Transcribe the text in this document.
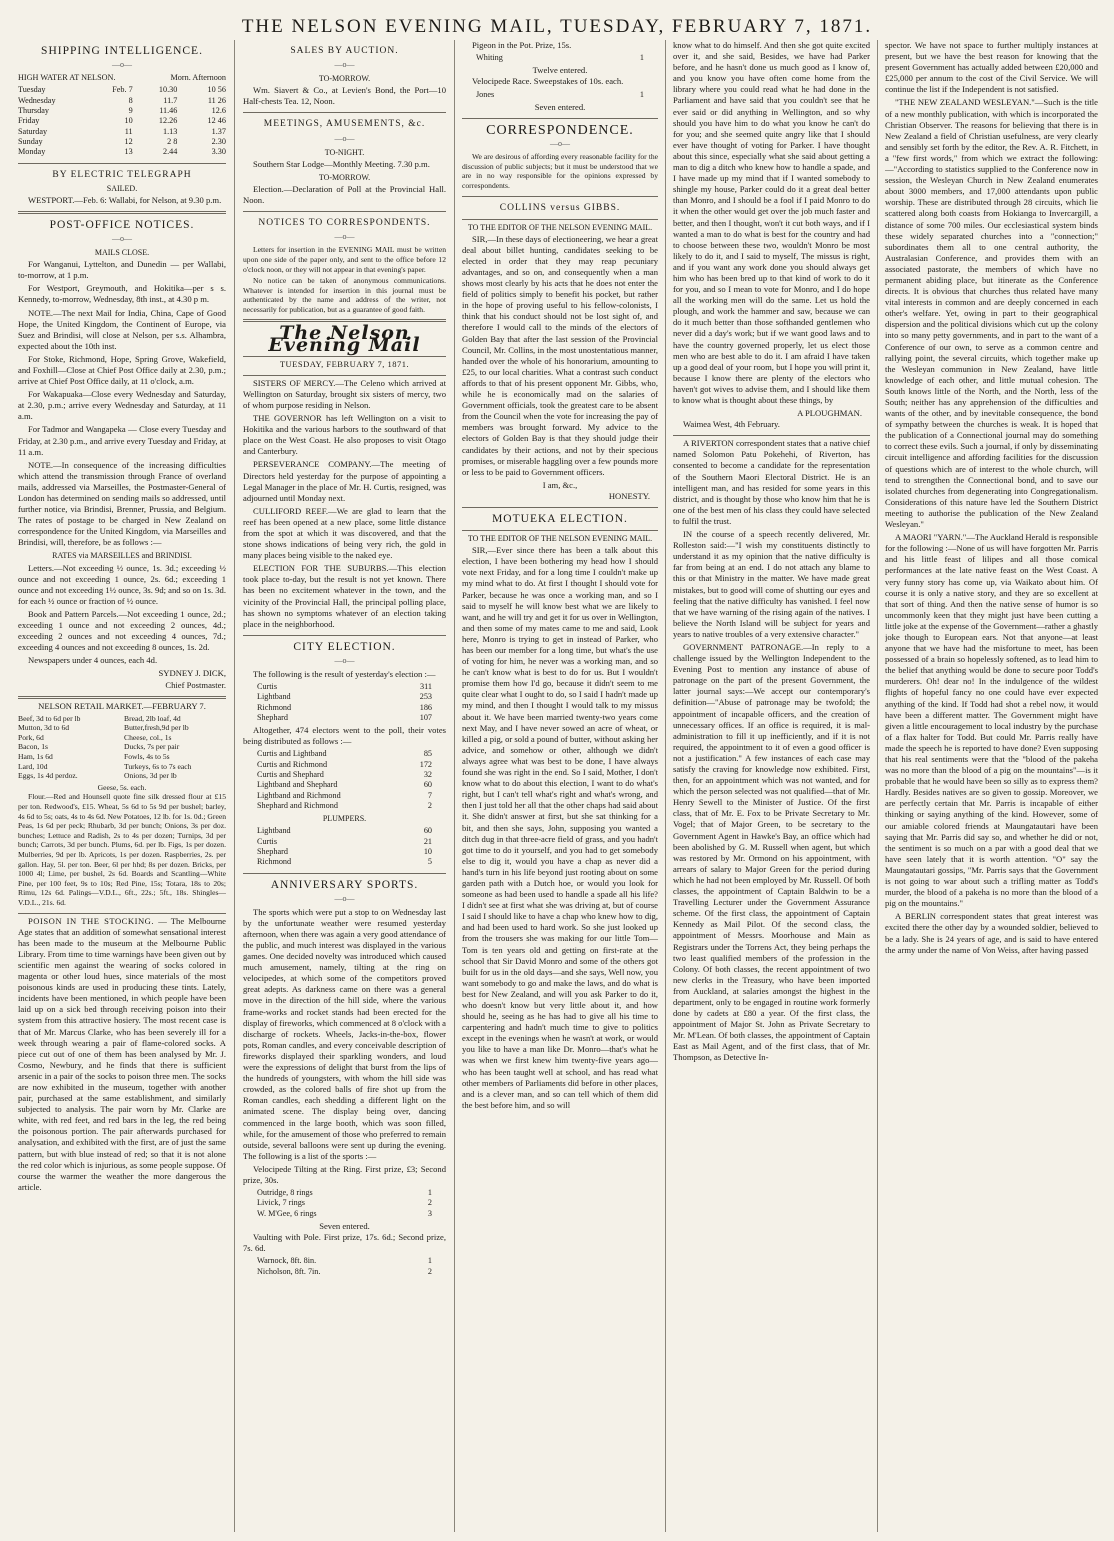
THE NELSON EVENING MAIL, TUESDAY, FEBRUARY 7, 1871.
SHIPPING INTELLIGENCE.
—o—
HIGH WATER AT NELSON.	Morn. Afternoon
Tuesday	Feb. 7	10.30	10 56
Wednesday	8	11.7	11 26
Thursday	9	11.46	12.6
Friday	10	12.26	12 46
Saturday	11	1.13	1.37
Sunday	12	2 8	2.30
Monday	13	2.44	3.30
BY ELECTRIC TELEGRAPH
SAILED.
WESTPORT.—Feb. 6: Wallabi, for Nelson, at 9.30 p.m.
POST-OFFICE NOTICES.
—o—
MAILS CLOSE.
For Wanganui, Lyttelton, and Dunedin — per Wallabi, to-morrow, at 1 p.m.
For Westport, Greymouth, and Hokitika—per s s. Kennedy, to-morrow, Wednesday, 8th inst., at 4.30 p m.
NOTE.—The next Mail for India, China, Cape of Good Hope, the United Kingdom, the Continent of Europe, via Suez and Brindisi, will close at Nelson, per s.s. Alhambra, expected about the 10th inst.
For Stoke, Richmond, Hope, Spring Grove, Wakefield, and Foxhill—Close at Chief Post Office daily at 2.30, p.m.; arrive at Chief Post Office daily, at 11 o'clock, a.m.
For Wakapuaka—Close every Wednesday and Saturday, at 2.30, p.m.; arrive every Wednesday and Saturday, at 11 a.m.
For Tadmor and Wangapeka — Close every Tuesday and Friday, at 2.30 p.m., and arrive every Tuesday and Friday, at 11 a.m.
NOTE.—In consequence of the increasing difficulties which attend the transmission through France of overland mails, addressed via Marseilles, the Postmaster-General of London has determined on sending mails so addressed, until further notice, via Brindisi, Brenner, Prussia, and Belgium. The rates of postage to be charged in New Zealand on correspondence for the United Kingdom, via Marseilles and Brindisi, will, therefore, be as follows :—
RATES via MARSEILLES and BRINDISI.
Letters.—Not exceeding ½ ounce, 1s. 3d.; exceeding ½ ounce and not exceeding 1 ounce, 2s. 6d.; exceeding 1 ounce and not exceeding 1½ ounce, 3s. 9d; and so on 1s. 3d. for each ½ ounce or fraction of ½ ounce.
Book and Pattern Parcels.—Not exceeding 1 ounce, 2d.; exceeding 1 ounce and not exceeding 2 ounces, 4d.; exceeding 2 ounces and not exceeding 4 ounces, 7d.; exceeding 4 ounces and not exceeding 8 ounces, 1s. 2d.
Newspapers under 4 ounces, each 4d.
SYDNEY J. DICK,
Chief Postmaster.
NELSON RETAIL MARKET.—FEBRUARY 7.
Beef, 3d to 6d per lb
Mutton, 3d to 6d
Pork, 6d
Bacon, 1s
Ham, 1s 6d
Lard, 10d
Eggs, 1s 4d perdoz.
Bread, 2lb loaf, 4d
Butter,fresh,9d per lb
Cheese, col., 1s
Ducks, 7s per pair
Fowls, 4s to 5s
Turkeys, 6s to 7s each
Onions, 3d per lb
Geese, 5s. each.
Flour.—Red and Hounsell quote fine silk dressed flour at £15 per ton. Redwood's, £15. Wheat, 5s 6d to 5s 9d per bushel; barley, 4s 6d to 5s; oats, 4s to 4s 6d. New Potatoes, 12 lb. for 1s. 0d.; Green Peas, 1s 6d per peck; Rhubarb, 3d per bunch; Onions, 3s per doz. bunches; Lettuce and Radish, 2s to 4s per dozen; Turnips, 3d per bunch; Carrots, 3d per bunch. Plums, 6d. per lb. Figs, 1s per dozen. Mulberries, 9d per lb. Apricots, 1s per dozen. Raspberries, 2s. per gallon. Hay, 5l. per ton. Beer, 6l per hhd; 8s per dozen. Bricks, per 1000 4l; Lime, per bushel, 2s 6d. Boards and Scantling—White Pine, per 100 feet, 9s to 10s; Red Pine, 15s; Totara, 18s to 20s; Rimu, 12s 6d. Palings—V.D.L., 6ft., 22s.; 5ft., 18s. Shingles—V.D.L., 21s. 6d.
POISON IN THE STOCKING. — The Melbourne Age states that an addition of somewhat sensational interest has been made to the museum at the Melbourne Public Library. From time to time warnings have been given out by scientific men against the wearing of socks colored in magenta or other loud hues, since materials of the most poisonous kinds are used in producing these tints. Lately, incidents have been mentioned, in which people have been laid up on a sick bed through receiving poison into their system from this attractive hosiery. The most recent case is that of Mr. Marcus Clarke, who has been severely ill for a week through wearing a pair of flame-colored socks. A piece cut out of one of them has been analysed by Mr. J. Cosmo, Newbury, and he finds that there is sufficient arsenic in a pair of the socks to poison three men. The socks are now exhibited in the museum, together with another pair, purchased at the same establishment, and similarly subjected to analysis. The pair worn by Mr. Clarke are white, with red feet, and red bars in the leg, the red being the poisonous portion. The pair afterwards purchased for analysation, and exhibited with the first, are of just the same pattern, but with blue instead of red; so that it is not alone the red color which is injurious, as some people suppose. Of course the warmer the weather the more dangerous the article.
SALES BY AUCTION.
—o—
TO-MORROW.
Wm. Siavert & Co., at Levien's Bond, the Port—10 Half-chests Tea. 12, Noon.
MEETINGS, AMUSEMENTS, &c.
—o—
TO-NIGHT.
Southern Star Lodge—Monthly Meeting. 7.30 p.m.
TO-MORROW.
Election.—Declaration of Poll at the Provincial Hall. Noon.
NOTICES TO CORRESPONDENTS.
—o—
Letters for insertion in the EVENING MAIL must be written upon one side of the paper only, and sent to the office before 12 o'clock noon, or they will not appear in that evening's paper.
No notice can be taken of anonymous communications. Whatever is intended for insertion in this journal must be authenticated by the name and address of the writer, not necessarily for publication, but as a guarantee of good faith.
The Nelson Evening Mail
TUESDAY, FEBRUARY 7, 1871.
SISTERS OF MERCY.—The Celeno which arrived at Wellington on Saturday, brought six sisters of mercy, two of whom purpose residing in Nelson.
THE GOVERNOR has left Wellington on a visit to Hokitika and the various harbors to the southward of that place on the West Coast. He also proposes to visit Otago and Canterbury.
PERSEVERANCE COMPANY.—The meeting of Directors held yesterday for the purpose of appointing a Legal Manager in the place of Mr. H. Curtis, resigned, was adjourned until Monday next.
CULLIFORD REEF.—We are glad to learn that the reef has been opened at a new place, some little distance from the spot at which it was discovered, and that the stone shows indications of being very rich, the gold in many places being visible to the naked eye.
ELECTION FOR THE SUBURBS.—This election took place to-day, but the result is not yet known. There has been no excitement whatever in the town, and the vicinity of the Provincial Hall, the principal polling place, has shown no symptoms whatever of an election taking place in the neighborhood.
CITY ELECTION.
—o—
The following is the result of yesterday's election :—
Curtis	311
Lightband	253
Richmond	186
Shephard	107
Altogether, 474 electors went to the poll, their votes being distributed as follows :—
Curtis and Lightband	85
Curtis and Richmond	172
Curtis and Shephard	32
Lightband and Shephard	60
Lightband and Richmond	7
Shephard and Richmond	2
PLUMPERS.
Lightband	60
Curtis	21
Shephard	10
Richmond	5
ANNIVERSARY SPORTS.
—o—
The sports which were put a stop to on Wednesday last by the unfortunate weather were resumed yesterday afternoon, when there was again a very good attendance of the public, and much interest was displayed in the various games. One decided novelty was introduced which caused much amusement, namely, tilting at the ring on velocipedes, at which some of the competitors proved great adepts. As darkness came on there was a general move in the direction of the hill side, where the various frame-works and rocket stands had been erected for the display of fireworks, which commenced at 8 o'clock with a discharge of rockets. Wheels, Jacks-in-the-box, flower pots, Roman candles, and every conceivable description of fireworks displayed their sparkling wonders, and loud were the expressions of delight that burst from the lips of the hundreds of youngsters, with whom the hill side was crowded, as the colored balls of fire shot up from the Roman candles, each shedding a different light on the animated scene. The display being over, dancing commenced in the large booth, which was soon filled, while, for the amusement of those who preferred to remain outside, several balloons were sent up during the evening. The following is a list of the sports :—
Velocipede Tilting at the Ring. First prize, £3; Second prize, 30s.
Outridge, 8 rings	1
Livick, 7 rings	2
W. M'Gee, 6 rings	3
Seven entered.
Vaulting with Pole. First prize, 17s. 6d.; Second prize, 7s. 6d.
Warnock, 8ft. 8in.	1
Nicholson, 8ft. 7in.	2
Pigeon in the Pot. Prize, 15s.
Whiting	1
Twelve entered.
Velocipede Race. Sweepstakes of 10s. each.
Jones	1
Seven entered.
CORRESPONDENCE.
—o—
We are desirous of affording every reasonable facility for the discussion of public subjects; but it must be understood that we are in no way responsible for the opinions expressed by correspondents.
COLLINS versus GIBBS.
TO THE EDITOR OF THE NELSON EVENING MAIL.
SIR,—In these days of electioneering, we hear a great deal about billet hunting, candidates seeking to be elected in order that they may reap pecuniary advantages, and so on, and consequently when a man shows most clearly by his acts that he does not enter the field of politics simply to benefit his pocket, but rather in the hope of proving useful to his fellow-colonists, I think that his conduct should not be lost sight of, and therefore I would call to the minds of the electors of Golden Bay that after the last session of the Provincial Council, Mr. Collins, in the most unostentatious manner, handed over the whole of his honorarium, amounting to £25, to our local charities. What a contrast such conduct affords to that of his present opponent Mr. Gibbs, who, while he is economically mad on the salaries of Government officials, took the greatest care to be absent from the Council when the vote for increasing the pay of members was brought forward. My advice to the electors of Golden Bay is that they should judge their candidates by their actions, and not by their specious promises, or miserable haggling over a few pounds more or less to be paid to Government officers.
I am, &c.,
HONESTY.
MOTUEKA ELECTION.
TO THE EDITOR OF THE NELSON EVENING MAIL.
SIR,—Ever since there has been a talk about this election, I have been bothering my head how I should vote next Friday, and for a long time I couldn't make up my mind what to do. At first I thought I should vote for Parker, because he was once a working man, and so I said to myself he will know best what we are likely to want, and he will try and get it for us over in Wellington, and then some of my mates came to me and said, Look here, Monro is trying to get in instead of Parker, who has been our member for a long time, but what's the use of voting for him, he never was a working man, and so he can't know what is best to do for us. But I wouldn't promise them how I'd go, because it didn't seem to me quite clear what I ought to do, so I said I hadn't made up my mind, and then I thought I would talk to my missus about it. We have been married twenty-two years come next May, and I have never sowed an acre of wheat, or killed a pig, or sold a pound of butter, without asking her advice, and somehow or other, although we didn't always agree what was best to be done, I have always found she was right in the end. So I said, Mother, I don't know what to do about this election, I want to do what's right, but I can't tell what's right and what's wrong, and then I just told her all that the other chaps had said about it. She didn't answer at first, but she sat thinking for a bit, and then she says, John, supposing you wanted a ditch dug in that three-acre field of grass, and you hadn't got time to do it yourself, and you had to get somebody else to dig it, would you have a chap as never did a hand's turn in his life beyond just rooting about on some garden path with a Dutch hoe, or would you look for someone as had been used to handle a spade all his life? I didn't see at first what she was driving at, but of course I said I should like to have a chap who knew how to dig, and had been used to hard work. So she just looked up from the trousers she was making for our little Tom—Tom is ten years old and getting on first-rate at the school that Sir David Monro and some of the others got built for us in the old days—and she says, Well now, you want somebody to go and make the laws, and do what is best for New Zealand, and will you ask Parker to do it, who doesn't know but very little about it, and how should he, seeing as he has had to give all his time to carpentering and hadn't much time to give to politics except in the evenings when he wasn't at work, or would you like to have a man like Dr. Monro—that's what he was when we first knew him twenty-five years ago—who has been taught well at school, and has read what other members of Parliaments did before in other places, and is a clever man, and so can tell which of them did the best before him, and so will
know what to do himself. And then she got quite excited over it, and she said, Besides, we have had Parker before, and he hasn't done us much good as I know of, and you know you have often come home from the library where you could read what he had done in the Parliament and have said that you couldn't see that he ever said or did anything in Wellington, and so why should you have him to do what you know he can't do for you; and she seemed quite angry like that I should ever have thought of voting for Parker. I have thought about this since, especially what she said about getting a man to dig a ditch who knew how to handle a spade, and I have made up my mind that if I wanted somebody to shingle my house, Parker could do it a great deal better than Monro, and I should be a fool if I paid Monro to do it when the other would get over the job much faster and better, and then I thought, won't it cut both ways, and if I wanted a man to do what is best for the country and had to choose between these two, wouldn't Monro be most likely to do it, and I said to myself, The missus is right, and if you want any work done you should always get him who has been bred up to that kind of work to do it for you, and so I mean to vote for Monro, and I do hope all the working men will do the same. Let us hold the plough, and work the hammer and saw, because we can do it much better than those softhanded gentlemen who never did a day's work; but if we want good laws and to have the country governed properly, let us elect those men who are best able to do it. I am afraid I have taken up a good deal of your room, but I hope you will print it, because I know there are plenty of the electors who haven't got wives to advise them, and I should like them to know what is thought about these things, by
A PLOUGHMAN.
Waimea West, 4th February.
A RIVERTON correspondent states that a native chief named Solomon Patu Pokehehi, of Riverton, has consented to become a candidate for the representation of the Southern Maori Electoral District. He is an intelligent man, and has resided for some years in this district, and is thought by those who know him that he is one of the best men of his class they could have selected to fulfil the trust.
IN the course of a speech recently delivered, Mr. Rolleston said:—"I wish my constituents distinctly to understand it as my opinion that the native difficulty is far from being at an end. I do not attach any blame to this or that Ministry in the matter. We have made great mistakes, but to good will come of shutting our eyes and feeling that the native difficulty has vanished. I feel now that we have warning of the rising again of the natives. I believe the North Island will be subject for years and years to native troubles of a very extensive character."
GOVERNMENT PATRONAGE.—In reply to a challenge issued by the Wellington Independent to the Evening Post to mention any instance of abuse of patronage on the part of the present Government, the latter journal says:—We accept our contemporary's definition—"Abuse of patronage may be twofold; the appointment of incapable officers, and the creation of unnecessary offices. If an office is required, it is mal-administration to fill it up inefficiently, and if it is not required, the appointment to it of even a good officer is not a justification." A few instances of each case may satisfy the craving for knowledge now exhibited. First, then, for an appointment which was not wanted, and for which the person selected was not qualified—that of Mr. Henry Sewell to the Minister of Justice. Of the first class, that of Mr. E. Fox to be Private Secretary to Mr. Vogel; that of Major Green, to be secretary to the Government Agent in Hawke's Bay, an office which had been abolished by G. M. Russell when agent, but which was restored by Mr. Ormond on his appointment, with arrears of salary to Major Green for the period during which he had not been employed by Mr. Russell. Of both classes, the appointment of Captain Baldwin to be a Travelling Lecturer under the Government Assurance scheme. Of the first class, the appointment of Captain Kennedy as Mail Pilot. Of the second class, the appointment of Messrs. Moorhouse and Main as Registrars under the Torrens Act, they being perhaps the two least qualified members of the profession in the Colony. Of both classes, the recent appointment of two new clerks in the Treasury, who have been imported from Auckland, at salaries amongst the highest in the department, only to be engaged in routine work formerly done by cadets at £80 a year. Of the first class, the appointment of Major St. John as Private Secretary to Mr. M'Lean. Of both classes, the appointment of Captain East as Mail Agent, and of the first class, that of Mr. Thompson, as Detective In-
spector. We have not space to further multiply instances at present, but we have the best reason for knowing that the present Government has actually added between £20,000 and £25,000 per annum to the cost of the Civil Service. We will continue the list if the Independent is not satisfied.
"THE NEW ZEALAND WESLEYAN."—Such is the title of a new monthly publication, with which is incorporated the Christian Observer. The reasons for believing that there is in New Zealand a field of Christian usefulness, are very clearly and sensibly set forth by the editor, the Rev. A. R. Fitchett, in a "few first words," from which we extract the following:—"According to statistics supplied to the Conference now in session, the Wesleyan Church in New Zealand enumerates about 3000 members, and 17,000 attendants upon public worship. These are distributed through 28 circuits, which lie scattered along both coasts from Hokianga to Invercargill, a distance of some 700 miles. Our ecclesiastical system binds these widely separated churches into a "connection;" subordinates them all to one central authority, the Australasian Conference, and provides them with an associated pastorate, the members of which have no permanent abiding place, but itinerate as the Conference directs. It is obvious that churches thus related have many vital interests in common and are deeply concerned in each other's welfare. Yet, owing in part to their geographical dispersion and the political divisions which cut up the colony into so many petty governments, and in part to the want of a Conference of our own, to serve as a common centre and rallying point, the several circuits, which together make up the Wesleyan communion in New Zealand, have little knowledge of each other, and little mutual cohesion. The South knows little of the North, and the North, less of the South; neither has any apprehension of the difficulties and wants of the other, and by inevitable consequence, the bond of sympathy between the churches is weak. It is hoped that the publication of a Connectional journal may do something to correct these evils. Such a journal, if only by disseminating circuit intelligence and affording facilities for the discussion of questions which are of interest to the whole church, will tend to strengthen the Connectional bond, and to save our isolated churches from degenerating into Congregationalism. Considerations of this nature have led the Southern District meeting to authorise the publication of the New Zealand Wesleyan."
A MAORI "YARN."—The Auckland Herald is responsible for the following :—None of us will have forgotten Mr. Parris and his little feast of lilipes and all those comical performances at the late native feast on the West Coast. A very funny story has come up, via Waikato about him. Of course it is only a native story, and they are so excellent at that sort of thing. And then the native sense of humor is so uncommonly keen that they might just have been cutting a little joke at the expense of the Government—rather a ghastly joke though to European ears. Not that anyone—at least anyone that we have had the misfortune to meet, has been possessed of a brain so hopelessly softened, as to lead him to the belief that anything would be done to secure poor Todd's murderers. Oh! dear no! In the indulgence of the wildest flights of hopeful fancy no one could have ever expected anything of the kind. If Todd had shot a rebel now, it would have been a different matter. The Government might have given a little encouragement to local industry by the purchase of a flax halter for Todd. But could Mr. Parris really have made the speech he is reported to have done? Even supposing that his real sentiments were that the "blood of the pakeha was no more than the blood of a pig on the mountains"—is it probable that he would have been so silly as to express them? Hardly. Besides natives are so given to gossip. Moreover, we are perfectly certain that Mr. Parris is incapable of either thinking or saying anything of the kind. However, some of our amiable colored friends at Maungatautari have been saying that Mr. Parris did say so, and whether he did or not, the sentiment is so much on a par with a good deal that we have seen lately that it is worth attention. "O" say the Maungatautari gossips, "Mr. Parris says that the Government is not going to war about such a trifling matter as Todd's murder, the blood of a pakeha is no more than the blood of a pig on the mountains."
A BERLIN correspondent states that great interest was excited there the other day by a wounded soldier, believed to be a lady. She is 24 years of age, and is said to have entered the army under the name of Von Weiss, after having passed
